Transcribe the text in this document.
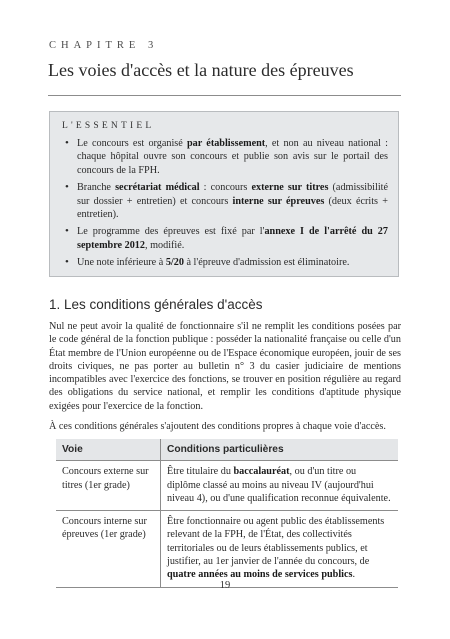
CHAPITRE 3
Les voies d'accès et la nature des épreuves
L'ESSENTIEL
• Le concours est organisé par établissement, et non au niveau national : chaque hôpital ouvre son concours et publie son avis sur le portail des concours de la FPH.
• Branche secrétariat médical : concours externe sur titres (admissibilité sur dossier + entretien) et concours interne sur épreuves (deux écrits + entretien).
• Le programme des épreuves est fixé par l'annexe I de l'arrêté du 27 septembre 2012, modifié.
• Une note inférieure à 5/20 à l'épreuve d'admission est éliminatoire.
1. Les conditions générales d'accès

Nul ne peut avoir la qualité de fonctionnaire s'il ne remplit les conditions posées par le code général de la fonction publique : posséder la nationalité française ou celle d'un État membre de l'Union européenne ou de l'Espace économique européen, jouir de ses droits civiques, ne pas porter au bulletin n° 3 du casier judiciaire de mentions incompatibles avec l'exercice des fonctions, se trouver en position régulière au regard des obligations du service national, et remplir les conditions d'aptitude physique exigées pour l'exercice de la fonction.

À ces conditions générales s'ajoutent des conditions propres à chaque voie d'accès.

Voie	Conditions particulières
Concours externe sur titres (1er grade)	Être titulaire du baccalauréat, ou d'un titre ou diplôme classé au moins au niveau IV (aujourd'hui niveau 4), ou d'une qualification reconnue équivalente.
Concours interne sur épreuves (1er grade)	Être fonctionnaire ou agent public des établissements relevant de la FPH, de l'État, des collectivités territoriales ou de leurs établissements publics, et justifier, au 1er janvier de l'année du concours, de quatre années au moins de services publics.
19
